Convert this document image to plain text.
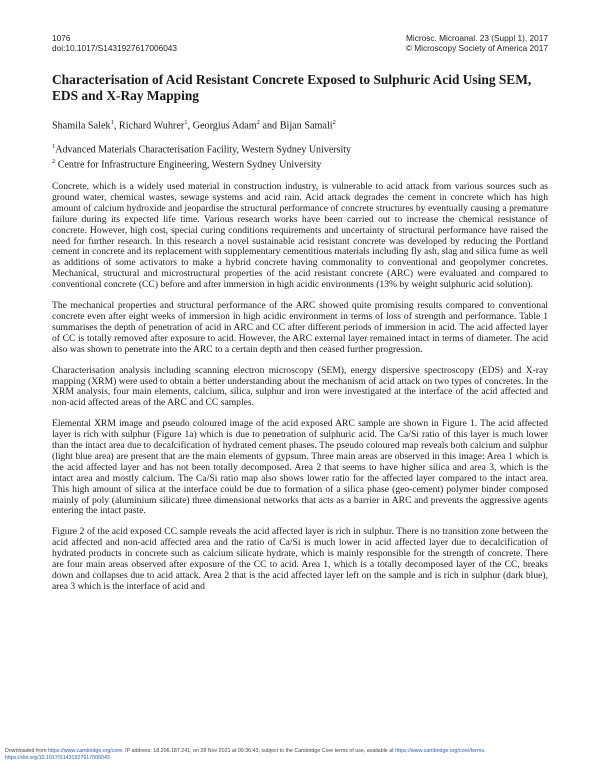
1076
doi:10.1017/S1431927617006043
Microsc. Microanal. 23 (Suppl 1), 2017
© Microscopy Society of America 2017
Characterisation of Acid Resistant Concrete Exposed to Sulphuric Acid Using SEM, EDS and X-Ray Mapping
Shamila Salek$^1$, Richard Wuhrer$^1$, Georgius Adam$^2$ and Bijan Samali$^2$
$^1$Advanced Materials Characterisation Facility, Western Sydney University
$^2$ Centre for Infrastructure Engineering, Western Sydney University

Concrete, which is a widely used material in construction industry, is vulnerable to acid attack from various sources such as ground water, chemical wastes, sewage systems and acid rain. Acid attack degrades the cement in concrete which has high amount of calcium hydroxide and jeopardise the structural performance of concrete structures by eventually causing a premature failure during its expected life time. Various research works have been carried out to increase the chemical resistance of concrete. However, high cost, special curing conditions requirements and uncertainty of structural performance have raised the need for further research. In this research a novel sustainable acid resistant concrete was developed by reducing the Portland cement in concrete and its replacement with supplementary cementitious materials including fly ash, slag and silica fume as well as additions of some activators to make a hybrid concrete having commonality to conventional and geopolymer concretes. Mechanical, structural and microstructural properties of the acid resistant concrete (ARC) were evaluated and compared to conventional concrete (CC) before and after immersion in high acidic environments (13% by weight sulphuric acid solution).

The mechanical properties and structural performance of the ARC showed quite promising results compared to conventional concrete even after eight weeks of immersion in high acidic environment in terms of loss of strength and performance. Table 1 summarises the depth of penetration of acid in ARC and CC after different periods of immersion in acid. The acid affected layer of CC is totally removed after exposure to acid. However, the ARC external layer remained intact in terms of diameter. The acid also was shown to penetrate into the ARC to a certain depth and then ceased further progression.

Characterisation analysis including scanning electron microscopy (SEM), energy dispersive spectroscopy (EDS) and X-ray mapping (XRM) were used to obtain a better understanding about the mechanism of acid attack on two types of concretes. In the XRM analysis, four main elements, calcium, silica, sulphur and iron were investigated at the interface of the acid affected and non-acid affected areas of the ARC and CC samples.

Elemental XRM image and pseudo coloured image of the acid exposed ARC sample are shown in Figure 1. The acid affected layer is rich with sulphur (Figure 1a) which is due to penetration of sulphuric acid. The Ca/Si ratio of this layer is much lower than the intact area due to decalcification of hydrated cement phases. The pseudo coloured map reveals both calcium and sulphur (light blue area) are present that are the main elements of gypsum. Three main areas are observed in this image: Area 1 which is the acid affected layer and has not been totally decomposed. Area 2 that seems to have higher silica and area 3, which is the intact area and mostly calcium. The Ca/Si ratio map also shows lower ratio for the affected layer compared to the intact area. This high amount of silica at the interface could be due to formation of a silica phase (geo-cement) polymer binder composed mainly of poly (aluminium silicate) three dimensional networks that acts as a barrier in ARC and prevents the aggressive agents entering the intact paste.

Figure 2 of the acid exposed CC sample reveals the acid affected layer is rich in sulphur. There is no transition zone between the acid affected and non-acid affected area and the ratio of Ca/Si is much lower in acid affected layer due to decalcification of hydrated products in concrete such as calcium silicate hydrate, which is mainly responsible for the strength of concrete. There are four main areas observed after exposure of the CC to acid. Area 1, which is a totally decomposed layer of the CC, breaks down and collapses due to acid attack. Area 2 that is the acid affected layer left on the sample and is rich in sulphur (dark blue), area 3 which is the interface of acid and

Downloaded from https://www.cambridge.org/core. IP address: 18.206.187.241, on 28 Nov 2021 at 00:36:43, subject to the Cambridge Core terms of use, available at https://www.cambridge.org/core/terms.
https://doi.org/10.1017/S1431927617006043
